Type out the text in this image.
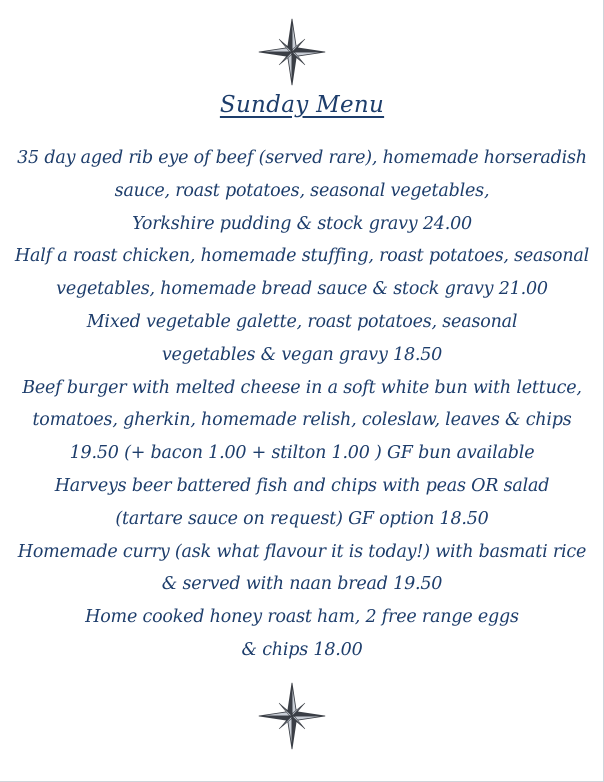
Sunday Menu
35 day aged rib eye of beef (served rare), homemade horseradish
sauce, roast potatoes, seasonal vegetables,
Yorkshire pudding & stock gravy 24.00
Half a roast chicken, homemade stuffing, roast potatoes, seasonal
vegetables, homemade bread sauce & stock gravy 21.00
Mixed vegetable galette, roast potatoes, seasonal
vegetables & vegan gravy 18.50
Beef burger with melted cheese in a soft white bun with lettuce,
tomatoes, gherkin, homemade relish, coleslaw, leaves & chips
19.50 (+ bacon 1.00 + stilton 1.00 ) GF bun available
Harveys beer battered fish and chips with peas OR salad
(tartare sauce on request) GF option 18.50
Homemade curry (ask what flavour it is today!) with basmati rice
& served with naan bread 19.50
Home cooked honey roast ham, 2 free range eggs
& chips 18.00
